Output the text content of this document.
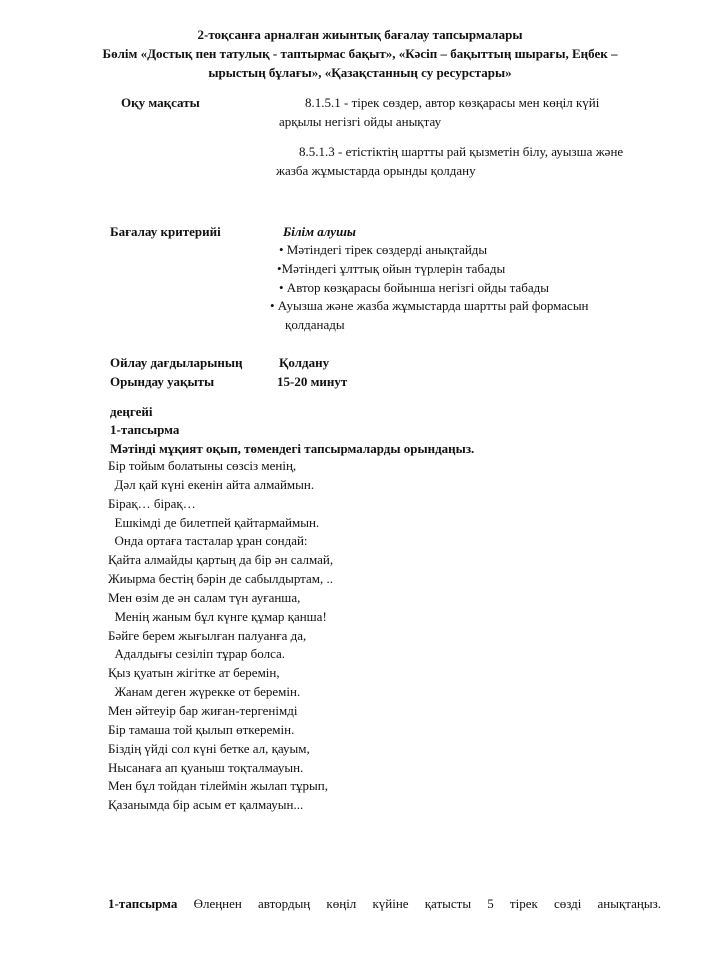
2-тоқсанға арналған жиынтық бағалау тапсырмалары
Бөлім «Достық пен татулық - таптырмас бақыт», «Кәсіп – бақыттың шырағы, Еңбек –
ырыстың бұлағы», «Қазақстанның су ресурстары»
Оқу мақсаты	8.1.5.1 - тірек сөздер, автор көзқарасы мен көңіл күйі
арқылы негізгі ойды анықтау
8.5.1.3 - етістіктің шартты рай қызметін білу, ауызша және
жазба жұмыстарда орынды қолдану
Бағалау критерийі	Білім алушы
• Мәтіндегі тірек сөздерді анықтайды
•Мәтіндегі ұлттық ойын түрлерін табады
• Автор көзқарасы бойынша негізгі ойды табады
• Ауызша және жазба жұмыстарда шартты рай формасын
қолданады
Ойлау дағдыларының	Қолдану
Орындау уақыты	15-20 минут
деңгейі
1-тапсырма
Мәтінді мұқият оқып, төмендегі тапсырмаларды орындаңыз.
Бір тойым болатыны сөзсіз менің,
Дәл қай күні екенін айта алмаймын.
Бірақ… бірақ…
Ешкімді де билетпей қайтармаймын.
Онда ортаға тасталар ұран сондай:
Қайта алмайды қартың да бір ән салмай,
Жиырма бестің бәрін де сабылдыртам, ..
Мен өзім де ән салам түн ауғанша,
Менің жаным бұл күнге құмар қанша!
Бәйге берем жығылған палуанға да,
Адалдығы сезіліп тұрар болса.
Қыз қуатын жігітке ат беремін,
Жанам деген жүрекке от беремін.
Мен әйтеуір бар жиған-тергенімді
Бір тамаша той қылып өткеремін.
Біздің үйді сол күні бетке ал, қауым,
Нысанаға ап қуаныш тоқталмауын.
Мен бұл тойдан тілеймін жылап тұрып,
Қазанымда бір асым ет қалмауын...
1-тапсырма Өлеңнен автордың көңіл күйіне қатысты 5 тірек сөзді анықтаңыз.
